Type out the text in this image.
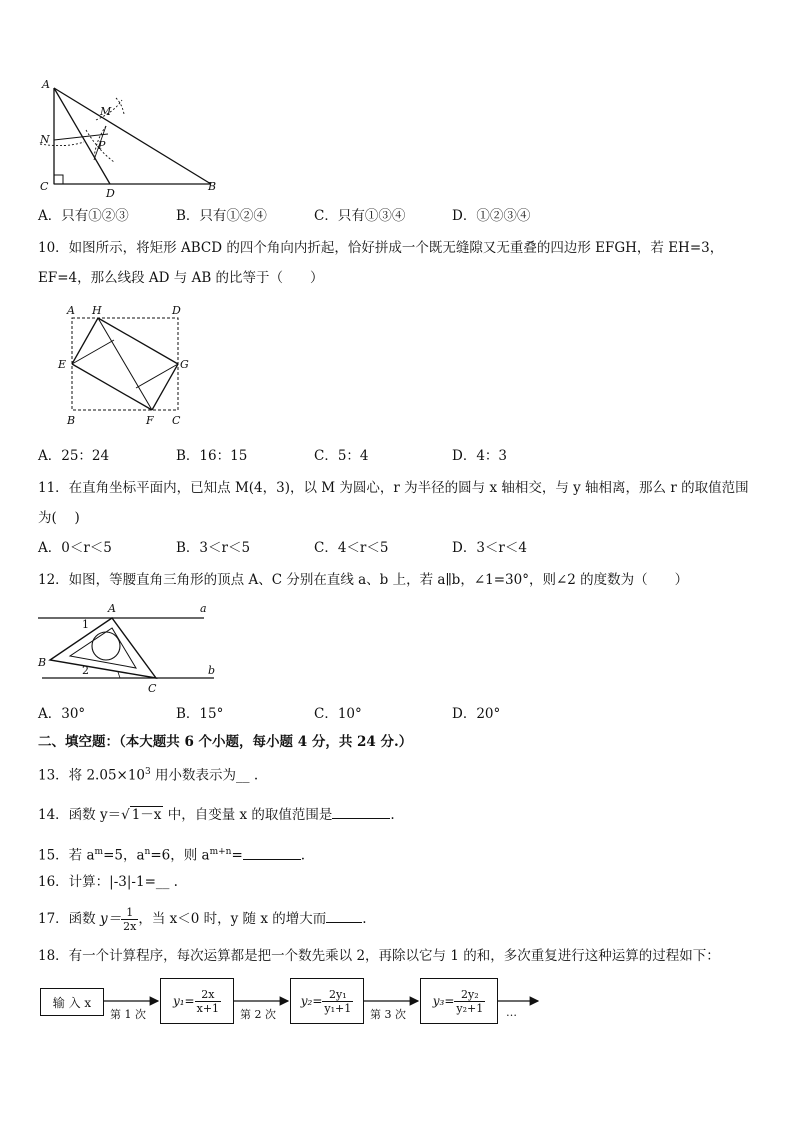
A
M
N	P
C
D
B
A．只有①②③	B．只有①②④	C．只有①③④	D．①②③④
10．如图所示，将矩形 ABCD 的四个角向内折起，恰好拼成一个既无缝隙又无重叠的四边形 EFGH，若 EH=3，
EF=4，那么线段 AD 与 AB 的比等于（　　）
A H	D
E	G
B	F C
A．25：24	B．16：15	C．5：4	D．4：3
11．在直角坐标平面内，已知点 M(4，3)，以 M 为圆心，r 为半径的圆与 x 轴相交，与 y 轴相离，那么 r 的取值范围
为(　 )
A．0＜r＜5	B．3＜r＜5	C．4＜r＜5	D．3＜r＜4
12．如图，等腰直角三角形的顶点 A、C 分别在直线 a、b 上，若 a∥b，∠1=30°，则∠2 的度数为（　　）
A	a
1
B
2	b
C
A．30°	B．15°	C．10°	D．20°
二、填空题：（本大题共 6 个小题，每小题 4 分，共 24 分.）
13．将 $2.05\times 10^3$ 用小数表示为__ .
14．函数 y＝√ 1－x 中，自变量 x 的取值范围是	.
15．若 $a^m=5$，$a^n=6$，则 $a^{m+n}=$	.
16．计算：|-3|-1=__ .
17．函数 $y= \frac{1}{2x}$ ，当 x＜0 时，y 随 x 的增大而	.
18．有一个计算程序，每次运算都是把一个数先乘以 2，再除以它与 1 的和，多次重复进行这种运算的过程如下：
输 入 x
第 1 次
$y_1= \frac{2x}{x+1}$ 第 2 次
$y_2= \frac{\text{2y₁}}{\text{y₁+1}}$ 第 3 次
$y_3= \frac{\text{2y₂}}{\text{y₂+1}}$ …
